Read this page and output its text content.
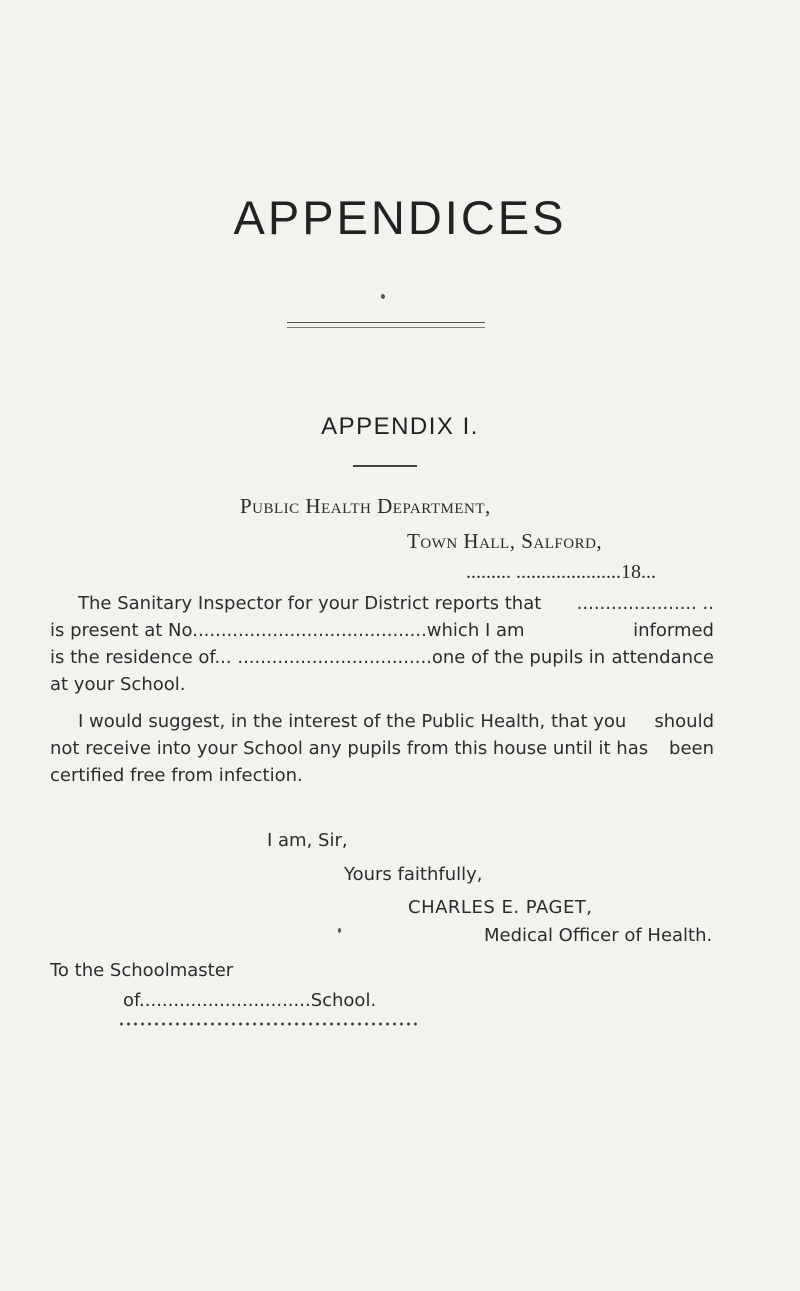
APPENDICES
APPENDIX I.
Public Health Department,
Town Hall, Salford,
......... .....................18...
The Sanitary Inspector for your District reports that ..................... ..
is present at No.........................................which I am	informed
is the residence of... ..................................one of the pupils in attendance
at your School.
I would suggest, in the interest of the Public Health, that you should
not receive into your School any pupils from this house until it has been
certified free from infection.
I am, Sir,
Yours faithfully,
CHARLES E. PAGET,
Medical Officer of Health.
To the Schoolmaster
of..............................School.
